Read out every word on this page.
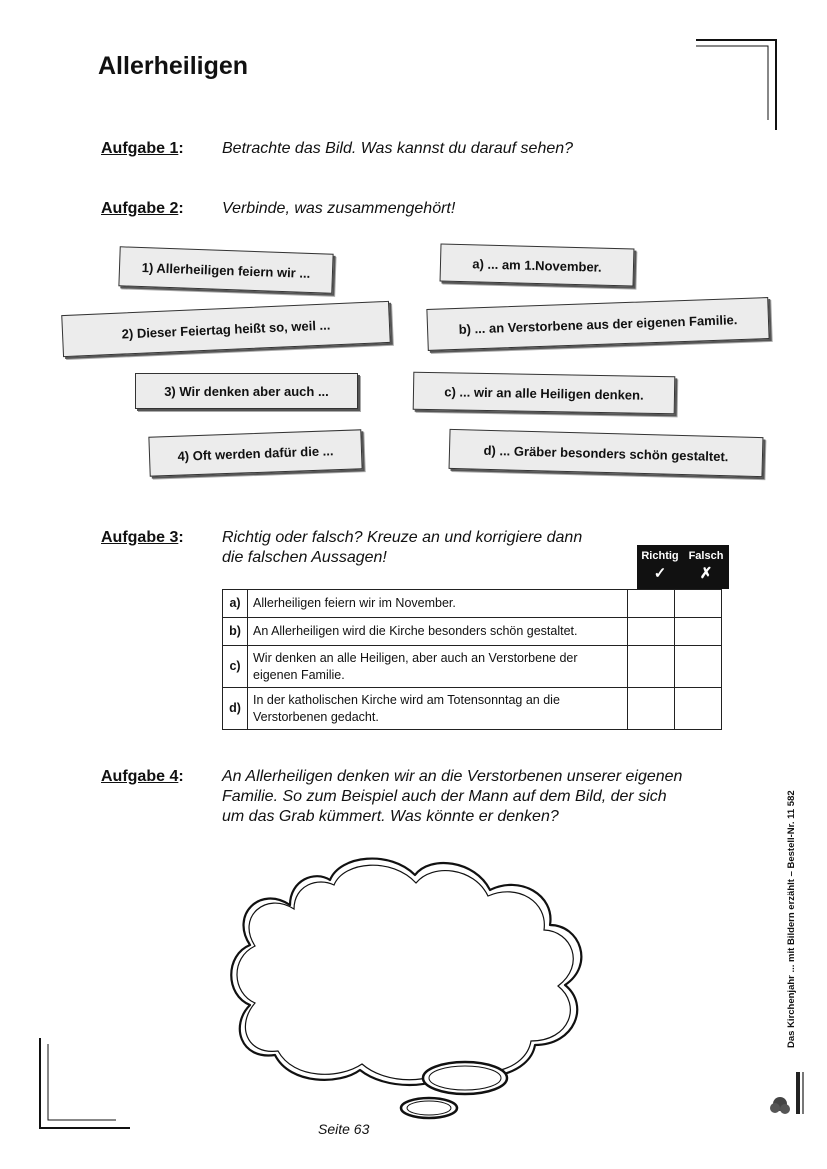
Allerheiligen
Aufgabe 1: Betrachte das Bild. Was kannst du darauf sehen?
Aufgabe 2: Verbinde, was zusammengehört!
1) Allerheiligen feiern wir ...
2) Dieser Feiertag heißt so, weil ...
3) Wir denken aber auch ...
4) Oft werden dafür die ...
a) ... am 1.November.
b) ... an Verstorbene aus der eigenen Familie.
c) ... wir an alle Heiligen denken.
d) ... Gräber besonders schön gestaltet.
Aufgabe 3: Richtig oder falsch? Kreuze an und korrigiere dann
die falschen Aussagen!	Richtig
✓
Falsch
✗
a)	Allerheiligen feiern wir im November.		

b)	An Allerheiligen wird die Kirche besonders schön gestaltet.		

c)	Wir denken an alle Heiligen, aber auch an Verstorbene der
eigenen Familie.		

d)	In der katholischen Kirche wird am Totensonntag an die
Verstorbenen gedacht.		

Aufgabe 4: An Allerheiligen denken wir an die Verstorbenen unserer eigenen
Familie. So zum Beispiel auch der Mann auf dem Bild, der sich
um das Grab kümmert. Was könnte er denken?	Das Kirchenjahr ... mit Bildern erzählt – Bestell-Nr. 11 582
Seite 63
